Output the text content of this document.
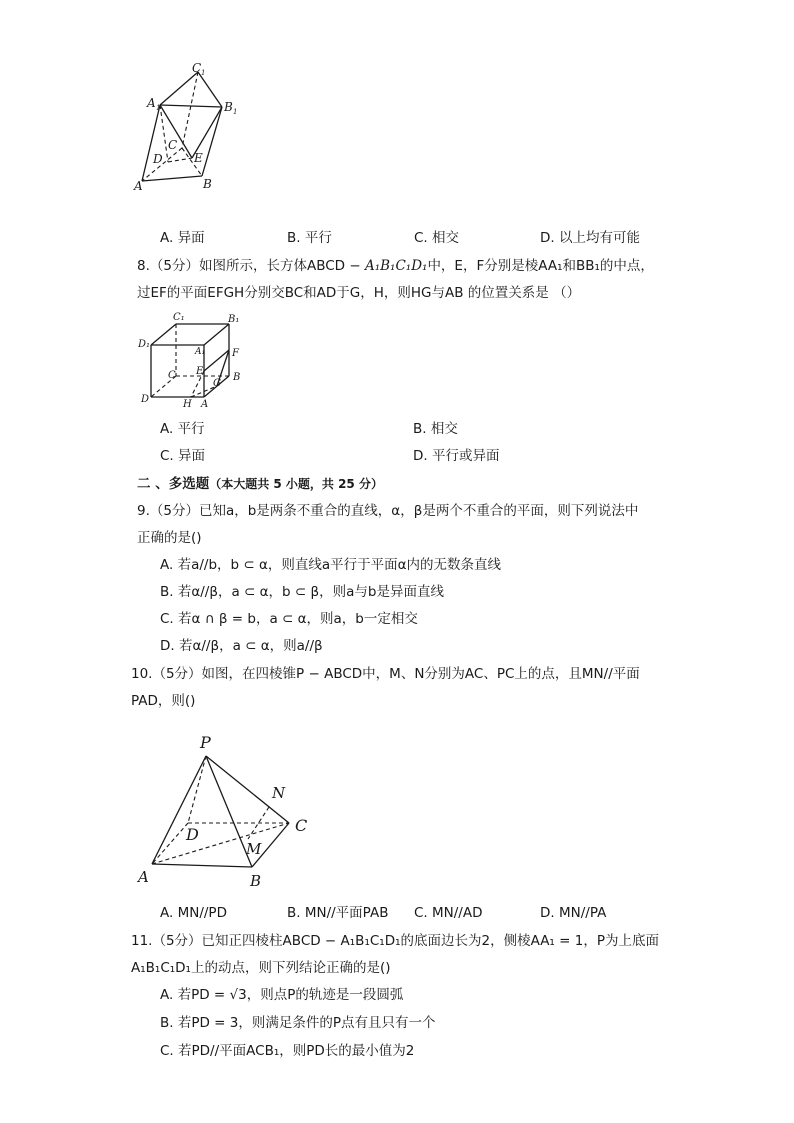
C 1
A 1	B 1
C
D	E
A	B
A. 异面	B. 平行	C. 相交	D. 以上均有可能
8.（5分）如图所示，长方体ABCD − A₁B₁C₁D₁中，E，F分别是棱AA₁和BB₁的中点，
过EF的平面EFGH分别交BC和AD于G，H，则HG与AB 的位置关系是 （）
C₁	B₁
D₁
A₁	F
C E
B
G
D	H A
A. 平行	B. 相交
C. 异面	D. 平行或异面
二 、多选题（本大题共 5 小题，共 25 分）
9.（5分）已知a，b是两条不重合的直线，α，β是两个不重合的平面，则下列说法中
正确的是()
A. 若a//b，b ⊂ α，则直线a平行于平面α内的无数条直线
B. 若α//β，a ⊂ α，b ⊂ β，则a与b是异面直线
C. 若α ∩ β = b，a ⊂ α，则a，b一定相交
D. 若α//β，a ⊂ α，则a//β
10.（5分）如图，在四棱锥P − ABCD中，M、N分别为AC、PC上的点，且MN//平面
PAD，则()
P
N
C
D
M
A	B
A. MN//PD	B. MN//平面PAB C. MN//AD	D. MN//PA
11.（5分）已知正四棱柱ABCD − A₁B₁C₁D₁的底面边长为2，侧棱AA₁ = 1，P为上底面
A₁B₁C₁D₁上的动点，则下列结论正确的是()
A. 若PD = √3，则点P的轨迹是一段圆弧
B. 若PD = 3，则满足条件的P点有且只有一个
C. 若PD//平面ACB₁，则PD长的最小值为2
